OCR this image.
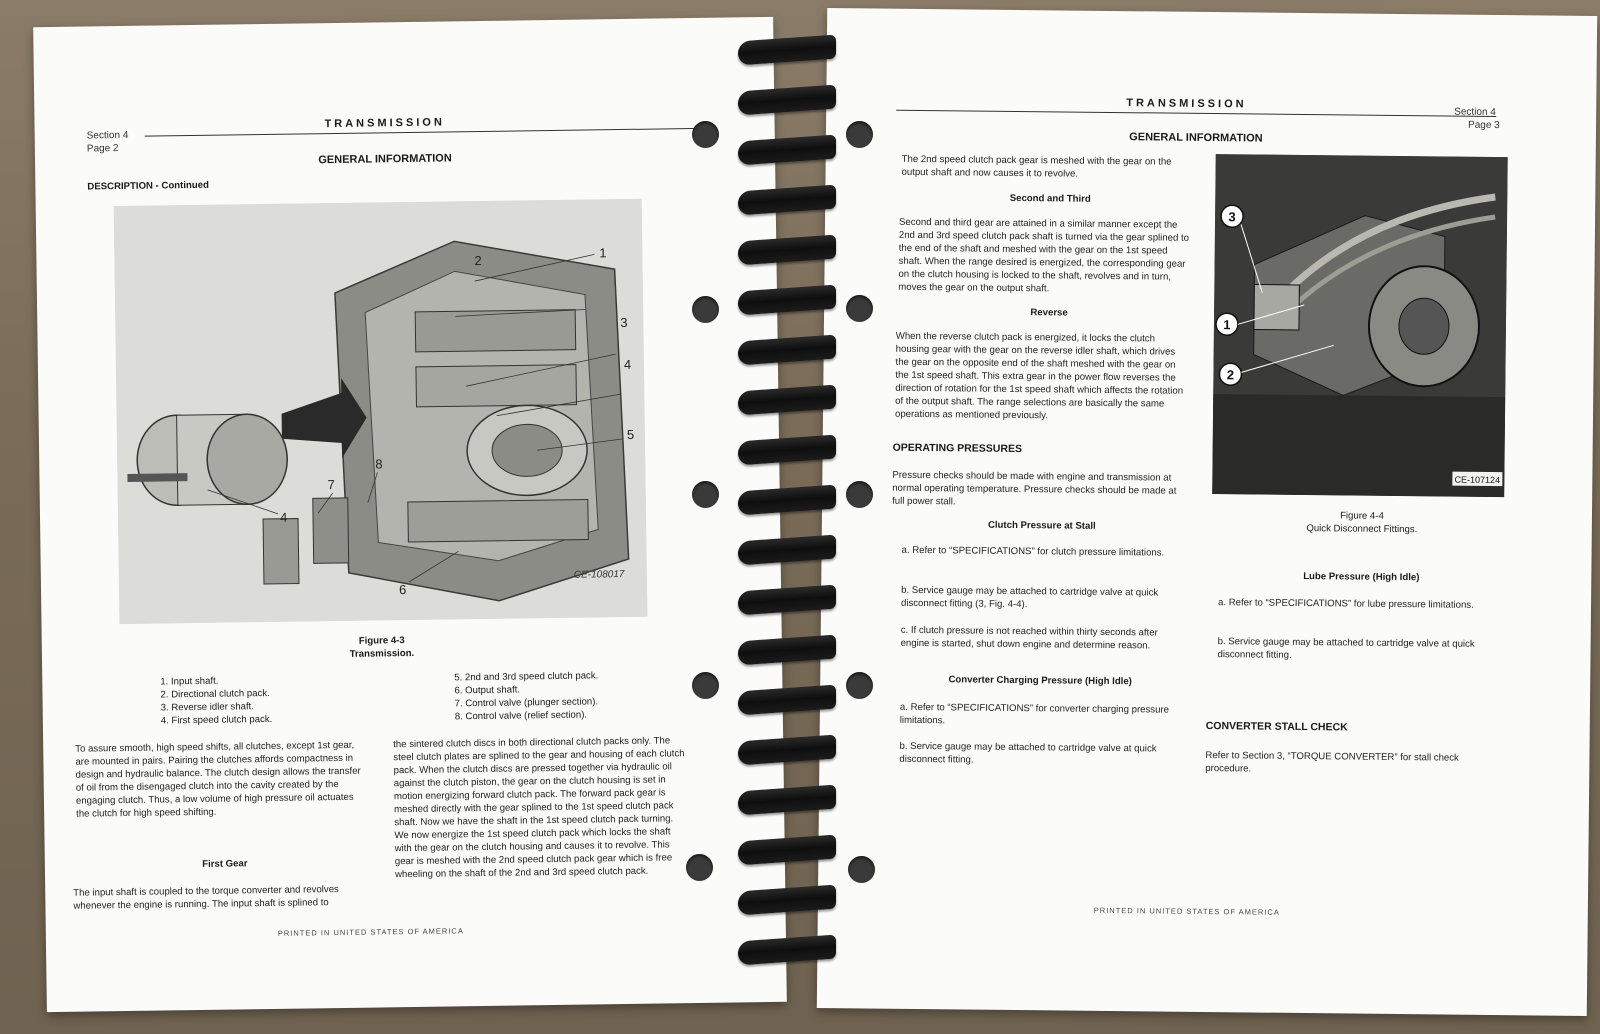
Section 4
Page 2
TRANSMISSION
GENERAL INFORMATION
DESCRIPTION - Continued
1
2
3
4
5
4
7
8
6
CE-108017
Figure 4-3
Transmission.
1. Input shaft.
2. Directional clutch pack.
3. Reverse idler shaft.
4. First speed clutch pack.
5. 2nd and 3rd speed clutch pack.
6. Output shaft.
7. Control valve (plunger section).
8. Control valve (relief section).
To assure smooth, high speed shifts, all clutches, except 1st gear, are mounted in pairs. Pairing the clutches affords compactness in design and hydraulic balance. The clutch design allows the transfer of oil from the disengaged clutch into the cavity created by the engaging clutch. Thus, a low volume of high pressure oil actuates the clutch for high speed shifting.
First Gear
The input shaft is coupled to the torque converter and revolves whenever the engine is running. The input shaft is splined to
the sintered clutch discs in both directional clutch packs only. The steel clutch plates are splined to the gear and housing of each clutch pack. When the clutch discs are pressed together via hydraulic oil against the clutch piston, the gear on the clutch housing is set in motion energizing forward clutch pack. The forward pack gear is meshed directly with the gear splined to the 1st speed clutch pack shaft. Now we have the shaft in the 1st speed clutch pack turning. We now energize the 1st speed clutch pack which locks the shaft with the gear on the clutch housing and causes it to revolve. This gear is meshed with the 2nd speed clutch pack gear which is free wheeling on the shaft of the 2nd and 3rd speed clutch pack.
PRINTED IN UNITED STATES OF AMERICA
TRANSMISSION
Section 4
Page 3
GENERAL INFORMATION
The 2nd speed clutch pack gear is meshed with the gear on the output shaft and now causes it to revolve.
Second and Third
Second and third gear are attained in a similar manner except the 2nd and 3rd speed clutch pack shaft is turned via the gear splined to the end of the shaft and meshed with the gear on the 1st speed shaft. When the range desired is energized, the corresponding gear on the clutch housing is locked to the shaft, revolves and in turn, moves the gear on the output shaft.
Reverse
When the reverse clutch pack is energized, it locks the clutch housing gear with the gear on the reverse idler shaft, which drives the gear on the opposite end of the shaft meshed with the gear on the 1st speed shaft. This extra gear in the power flow reverses the direction of rotation for the 1st speed shaft which affects the rotation of the output shaft. The range selections are basically the same operations as mentioned previously.
OPERATING PRESSURES
Pressure checks should be made with engine and transmission at normal operating temperature. Pressure checks should be made at full power stall.
Clutch Pressure at Stall
a. Refer to “SPECIFICATIONS” for clutch pressure limitations.
b. Service gauge may be attached to cartridge valve at quick disconnect fitting (3, Fig. 4-4).
c. If clutch pressure is not reached within thirty seconds after engine is started, shut down engine and determine reason.
Converter Charging Pressure (High Idle)
a. Refer to “SPECIFICATIONS” for converter charging pressure limitations.
b. Service gauge may be attached to cartridge valve at quick disconnect fitting.
3
1
2
CE-107124
Figure 4-4
Quick Disconnect Fittings.
Lube Pressure (High Idle)
a. Refer to “SPECIFICATIONS” for lube pressure limitations.
b. Service gauge may be attached to cartridge valve at quick disconnect fitting.
CONVERTER STALL CHECK
Refer to Section 3, “TORQUE CONVERTER” for stall check procedure.
PRINTED IN UNITED STATES OF AMERICA
